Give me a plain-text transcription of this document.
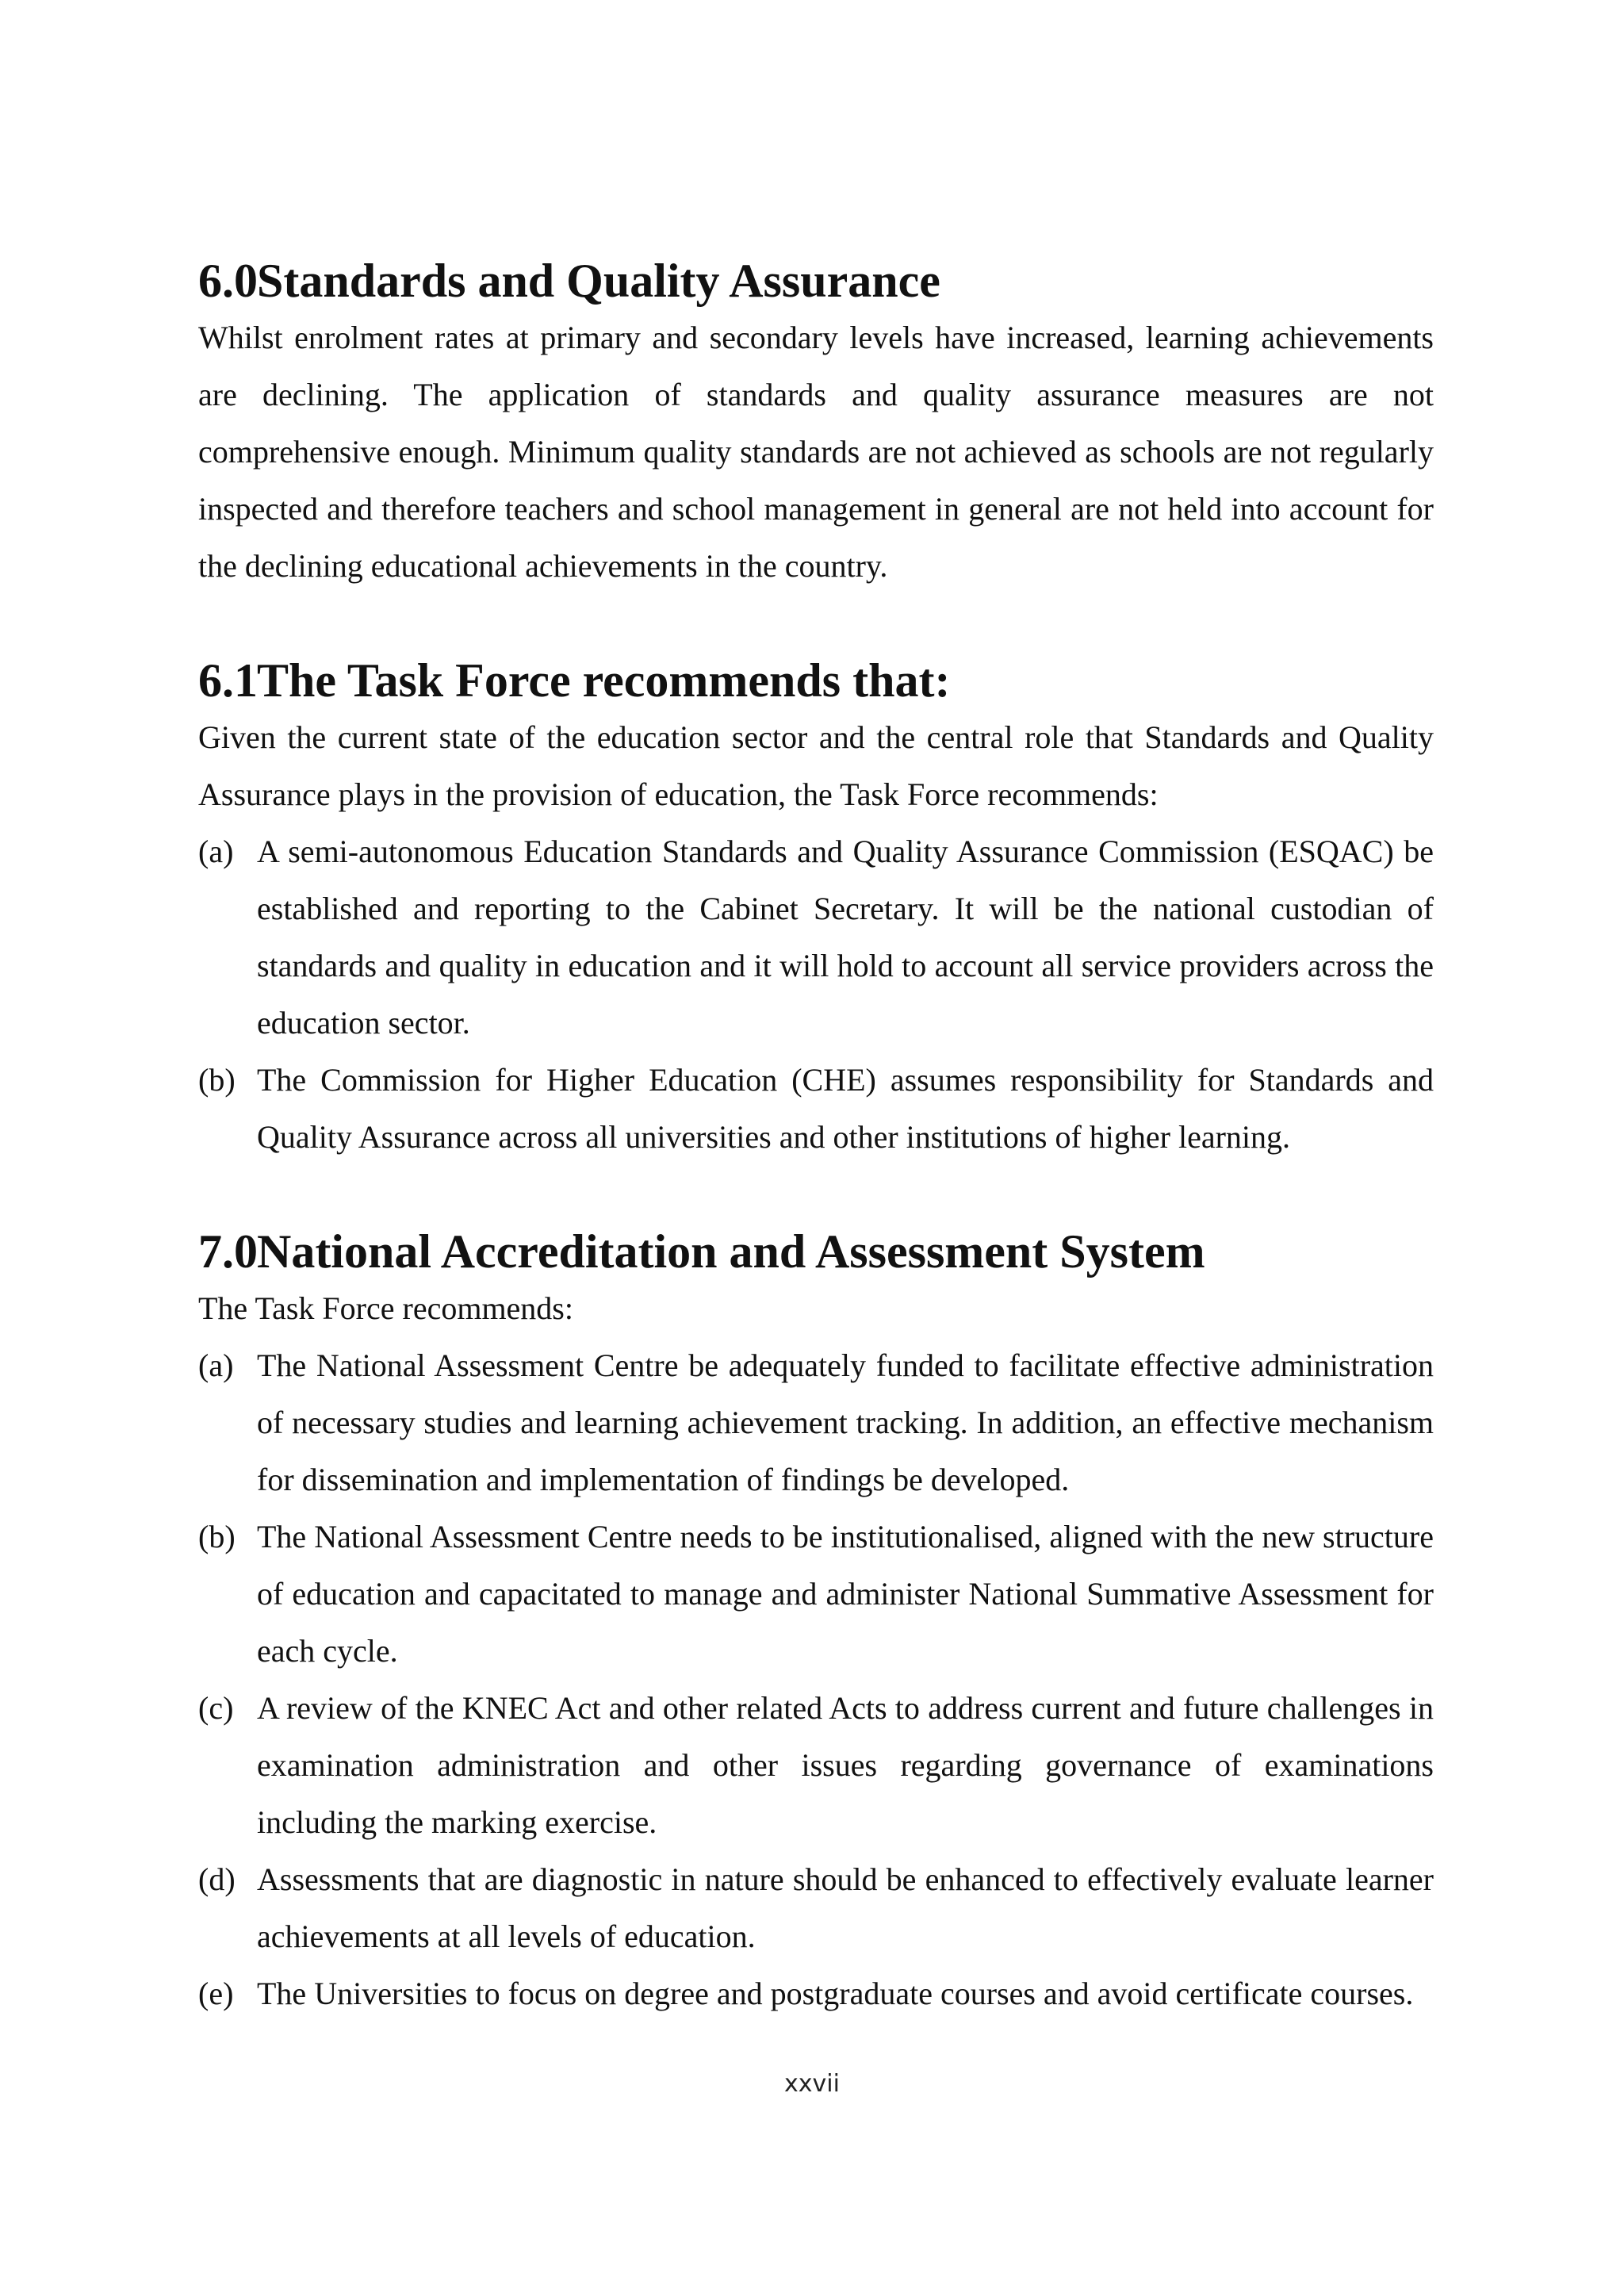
6.0Standards and Quality Assurance

Whilst enrolment rates at primary and secondary levels have increased, learning achievements are declining. The application of standards and quality assurance measures are not comprehensive enough. Minimum quality standards are not achieved as schools are not regularly inspected and therefore teachers and school management in general are not held into account for the declining educational achievements in the country.

6.1The Task Force recommends that:

Given the current state of the education sector and the central role that Standards and Quality Assurance plays in the provision of education, the Task Force recommends:

(a) A semi-autonomous Education Standards and Quality Assurance Commission (ESQAC) be established and reporting to the Cabinet Secretary. It will be the national custodian of standards and quality in education and it will hold to account all service providers across the education sector.
(b) The Commission for Higher Education (CHE) assumes responsibility for Standards and Quality Assurance across all universities and other institutions of higher learning.
7.0National Accreditation and Assessment System

The Task Force recommends:

(a) The National Assessment Centre be adequately funded to facilitate effective administration of necessary studies and learning achievement tracking. In addition, an effective mechanism for dissemination and implementation of findings be developed.
(b) The National Assessment Centre needs to be institutionalised, aligned with the new structure of education and capacitated to manage and administer National Summative Assessment for each cycle.
(c) A review of the KNEC Act and other related Acts to address current and future challenges in examination administration and other issues regarding governance of examinations including the marking exercise.
(d) Assessments that are diagnostic in nature should be enhanced to effectively evaluate learner achievements at all levels of education.
(e) The Universities to focus on degree and postgraduate courses and avoid certificate courses.
xxvii
